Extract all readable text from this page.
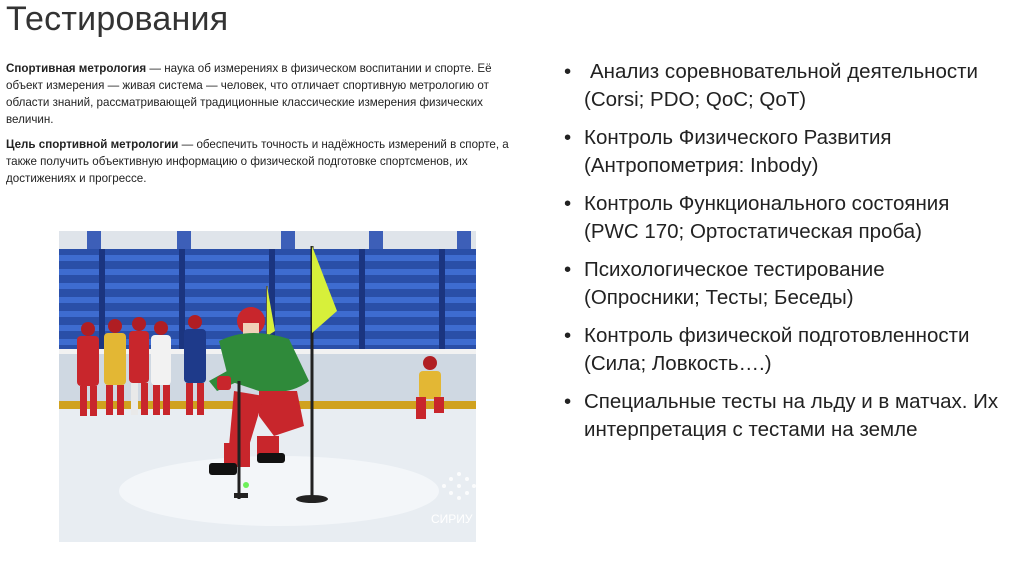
Тестирования

Спортивная метрология — наука об измерениях в физическом воспитании и спорте. Её объект измерения — живая система — человек, что отличает спортивную метрологию от области знаний, рассматривающей традиционные классические измерения физических величин.

Цель спортивной метрологии — обеспечить точность и надёжность измерений в спорте, а также получить объективную информацию о физической подготовке спортсменов, их достижениях и прогрессе.

СИРИУ
• Анализ соревновательной деятельности (Corsi; PDO; QoC; QoT)
• Контроль Физического Развития (Антропометрия: Inbody)
• Контроль Функционального состояния (PWC 170; Ортостатическая проба)
• Психологическое тестирование (Опросники; Тесты; Беседы)
• Контроль физической подготовленности (Сила; Ловкость….)
• Специальные тесты на льду и в матчах. Их интерпретация с тестами на земле
